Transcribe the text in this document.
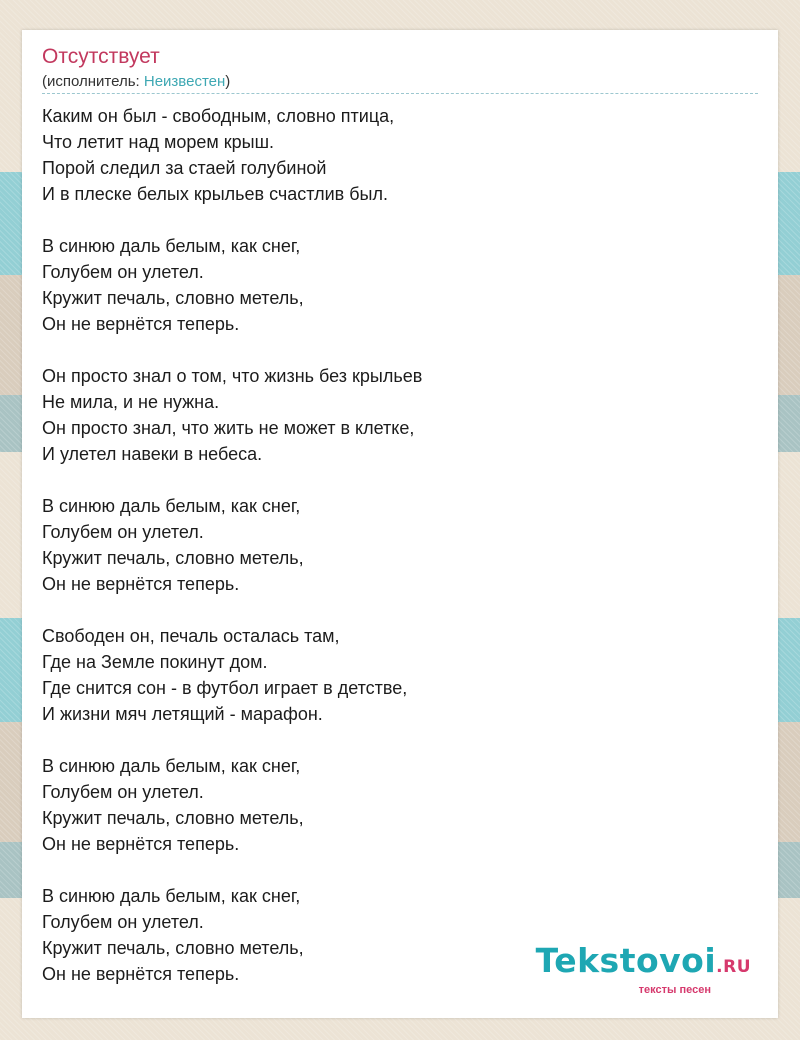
Отсутствует
(исполнитель: Неизвестен)
Каким он был - свободным, словно птица,
Что летит над морем крыш.
Порой следил за стаей голубиной
И в плеске белых крыльев счастлив был.
В синюю даль белым, как снег,
Голубем он улетел.
Кружит печаль, словно метель,
Он не вернётся теперь.
Он просто знал о том, что жизнь без крыльев
Не мила, и не нужна.
Он просто знал, что жить не может в клетке,
И улетел навеки в небеса.
В синюю даль белым, как снег,
Голубем он улетел.
Кружит печаль, словно метель,
Он не вернётся теперь.
Свободен он, печаль осталась там,
Где на Земле покинут дом.
Где снится сон - в футбол играет в детстве,
И жизни мяч летящий - марафон.
В синюю даль белым, как снег,
Голубем он улетел.
Кружит печаль, словно метель,
Он не вернётся теперь.
В синюю даль белым, как снег,
Голубем он улетел.
Кружит печаль, словно метель,
Он не вернётся теперь.	Tekstovoi.RU
тексты песен
